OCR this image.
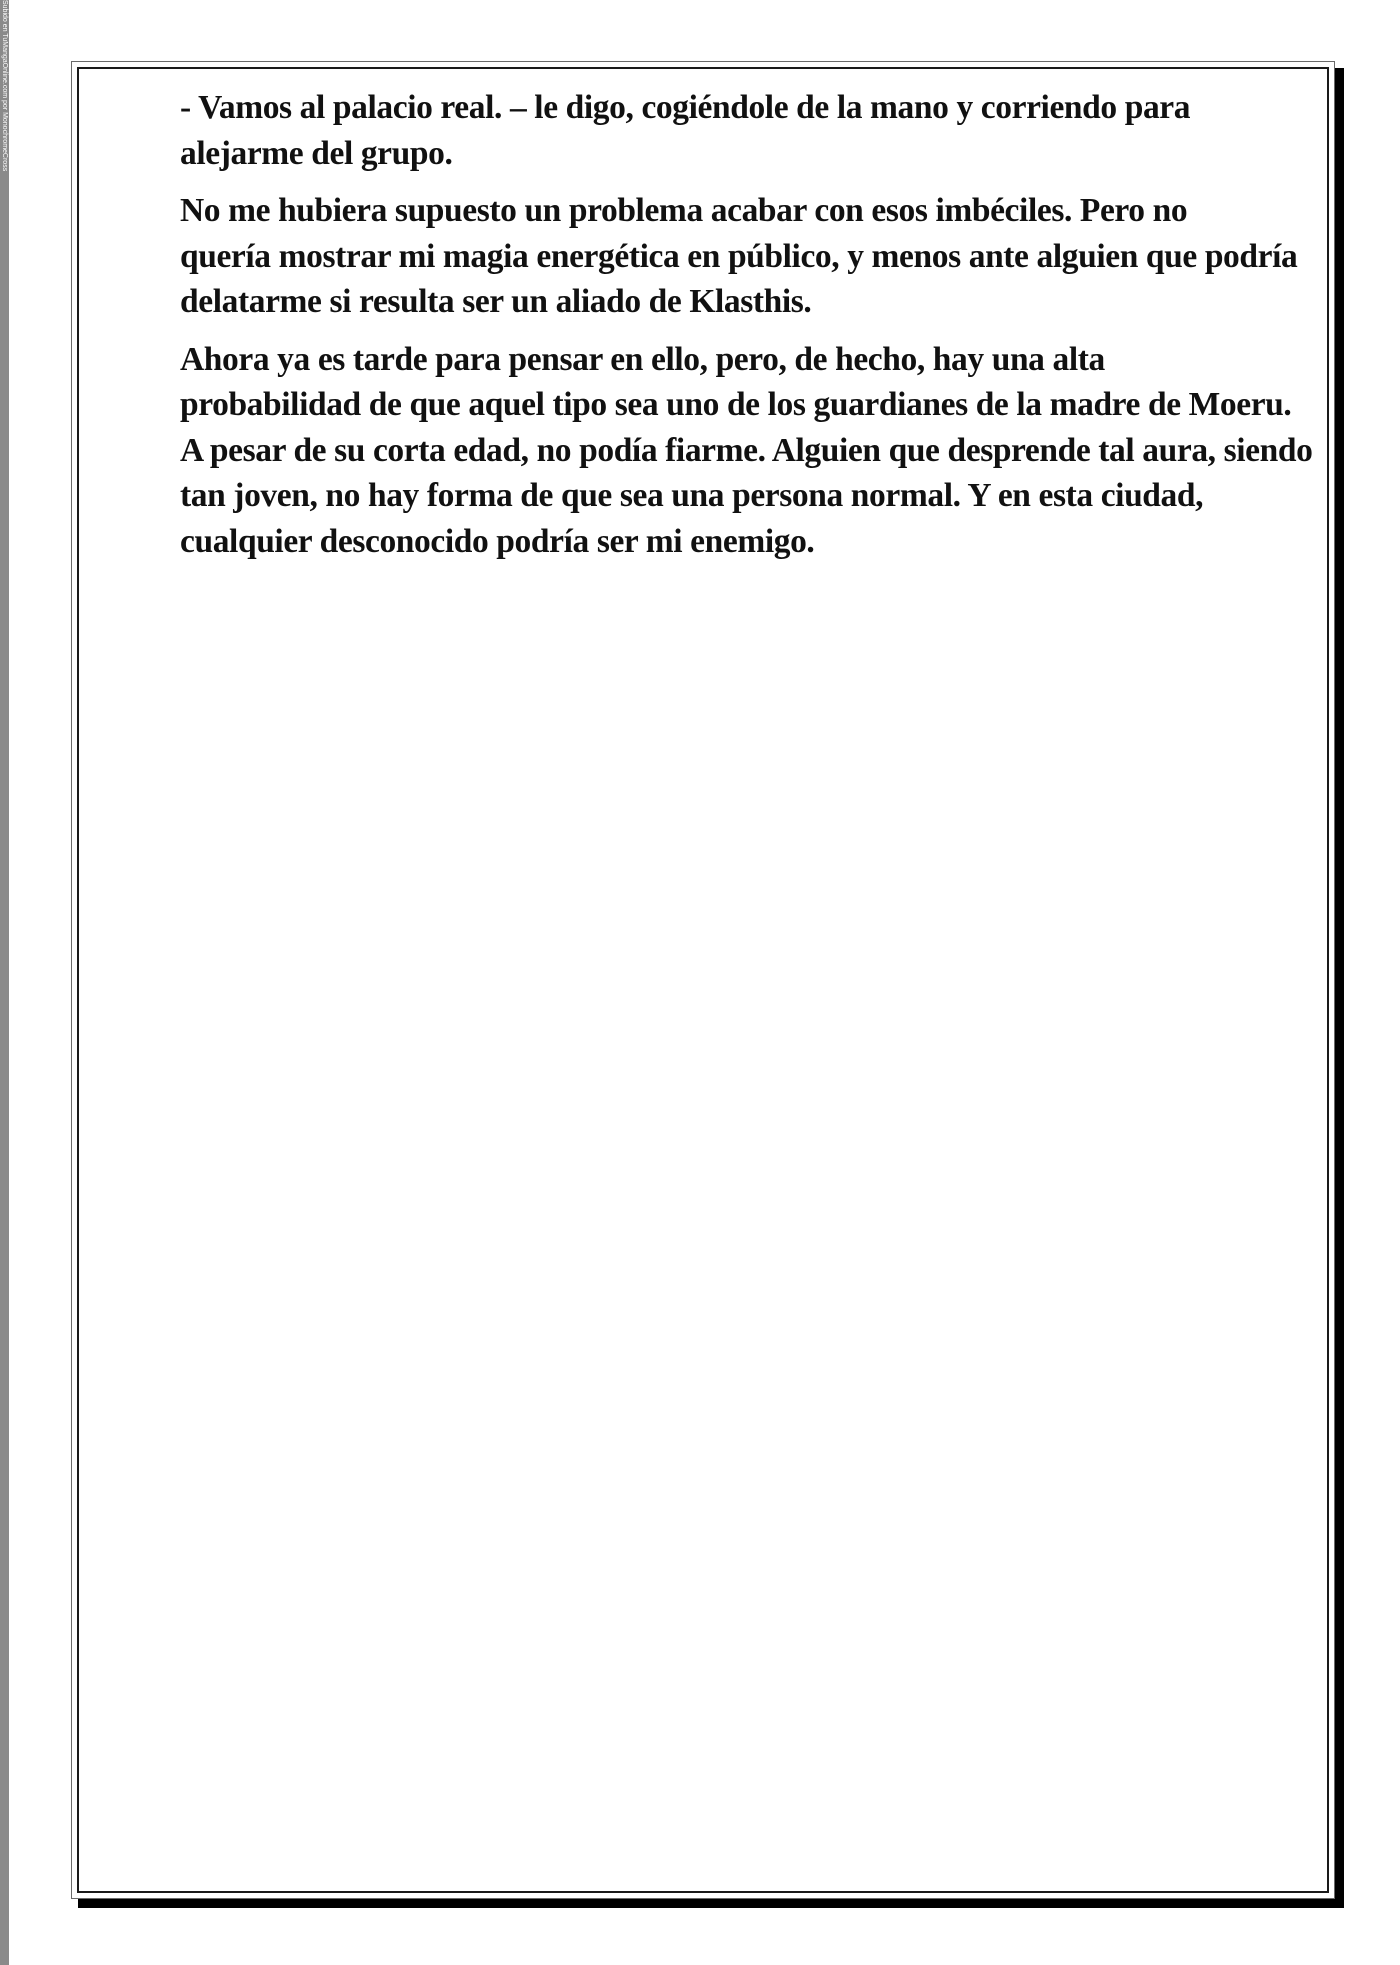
Subido en TuMangaOnline.com por MonochromeCross	- Vamos al palacio real. – le digo, cogiéndole de la mano y corriendo para
alejarme del grupo.

No me hubiera supuesto un problema acabar con esos imbéciles. Pero no
quería mostrar mi magia energética en público, y menos ante alguien que podría
delatarme si resulta ser un aliado de Klasthis.

Ahora ya es tarde para pensar en ello, pero, de hecho, hay una alta
probabilidad de que aquel tipo sea uno de los guardianes de la madre de Moeru.
A pesar de su corta edad, no podía fiarme. Alguien que desprende tal aura, siendo
tan joven, no hay forma de que sea una persona normal. Y en esta ciudad,
cualquier desconocido podría ser mi enemigo.
